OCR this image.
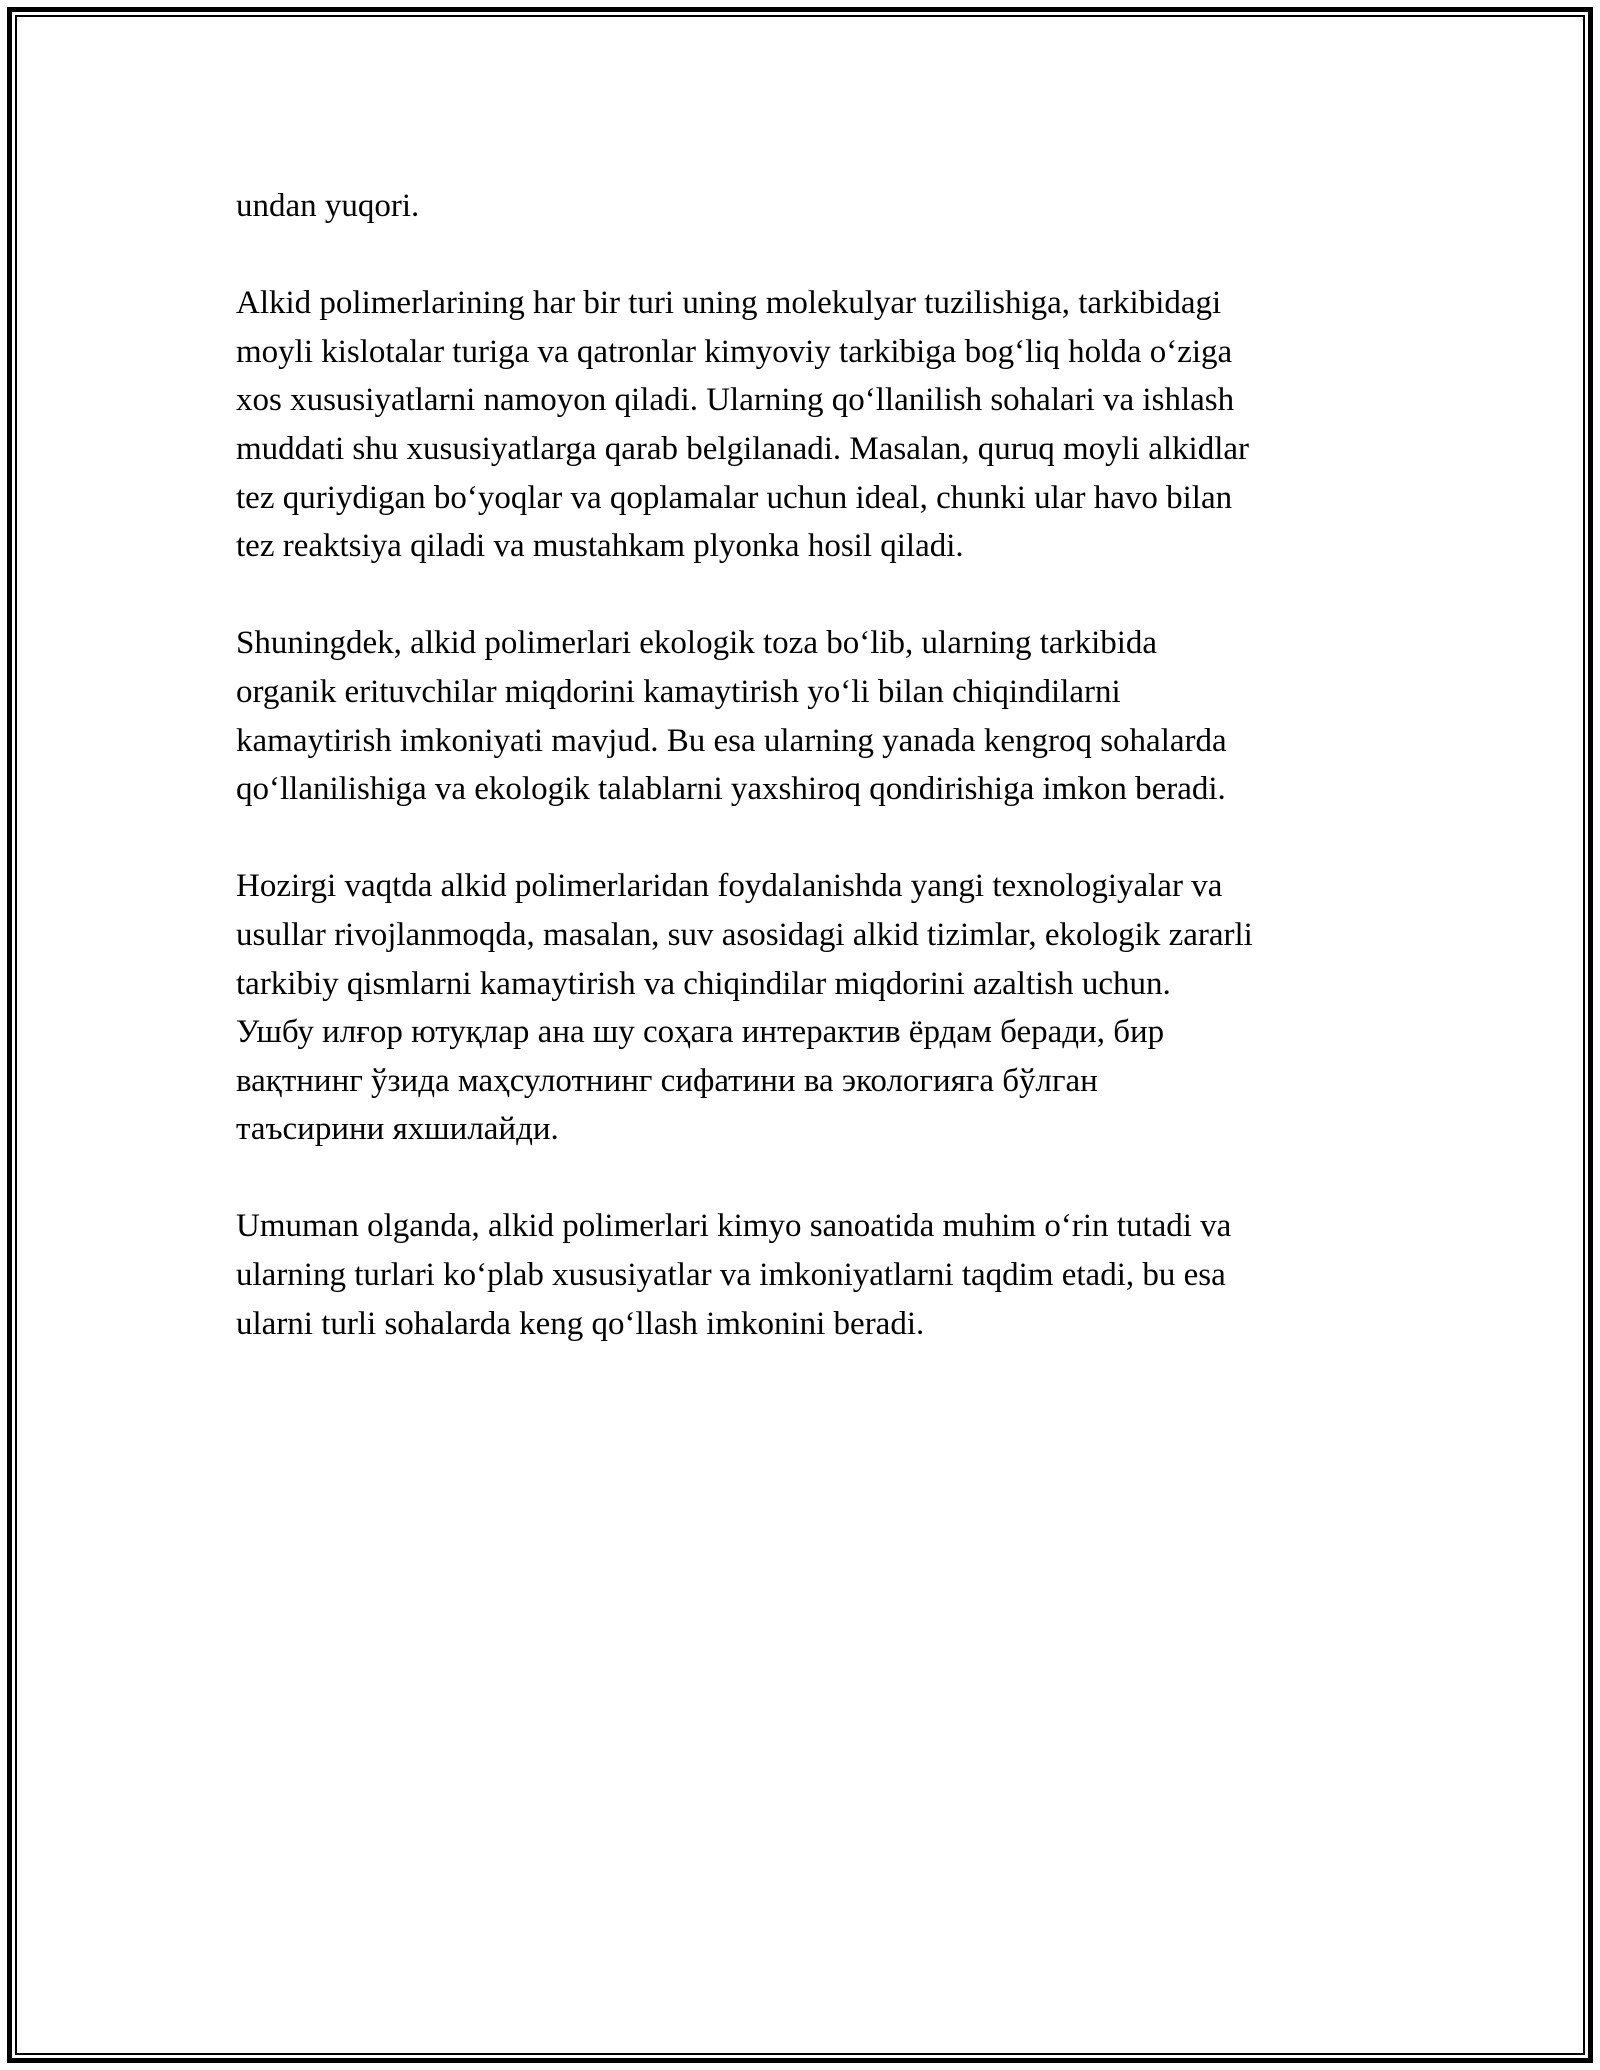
undan yuqori.

Alkid polimerlarining har bir turi uning molekulyar tuzilishiga, tarkibidagi
moyli kislotalar turiga va qatronlar kimyoviy tarkibiga bog‘liq holda o‘ziga
xos xususiyatlarni namoyon qiladi. Ularning qo‘llanilish sohalari va ishlash
muddati shu xususiyatlarga qarab belgilanadi. Masalan, quruq moyli alkidlar
tez quriydigan bo‘yoqlar va qoplamalar uchun ideal, chunki ular havo bilan
tez reaktsiya qiladi va mustahkam plyonka hosil qiladi.

Shuningdek, alkid polimerlari ekologik toza bo‘lib, ularning tarkibida
organik erituvchilar miqdorini kamaytirish yo‘li bilan chiqindilarni
kamaytirish imkoniyati mavjud. Bu esa ularning yanada kengroq sohalarda
qo‘llanilishiga va ekologik talablarni yaxshiroq qondirishiga imkon beradi.

Hozirgi vaqtda alkid polimerlaridan foydalanishda yangi texnologiyalar va
usullar rivojlanmoqda, masalan, suv asosidagi alkid tizimlar, ekologik zararli
tarkibiy qismlarni kamaytirish va chiqindilar miqdorini azaltish uchun.
Ушбу илғор ютуқлар ана шу соҳага интерактив ёрдам беради, бир
вақтнинг ўзида маҳсулотнинг сифатини ва экологияга бўлган
таъсирини яхшилайди.

Umuman olganda, alkid polimerlari kimyo sanoatida muhim o‘rin tutadi va
ularning turlari ko‘plab xususiyatlar va imkoniyatlarni taqdim etadi, bu esa
ularni turli sohalarda keng qo‘llash imkonini beradi.
